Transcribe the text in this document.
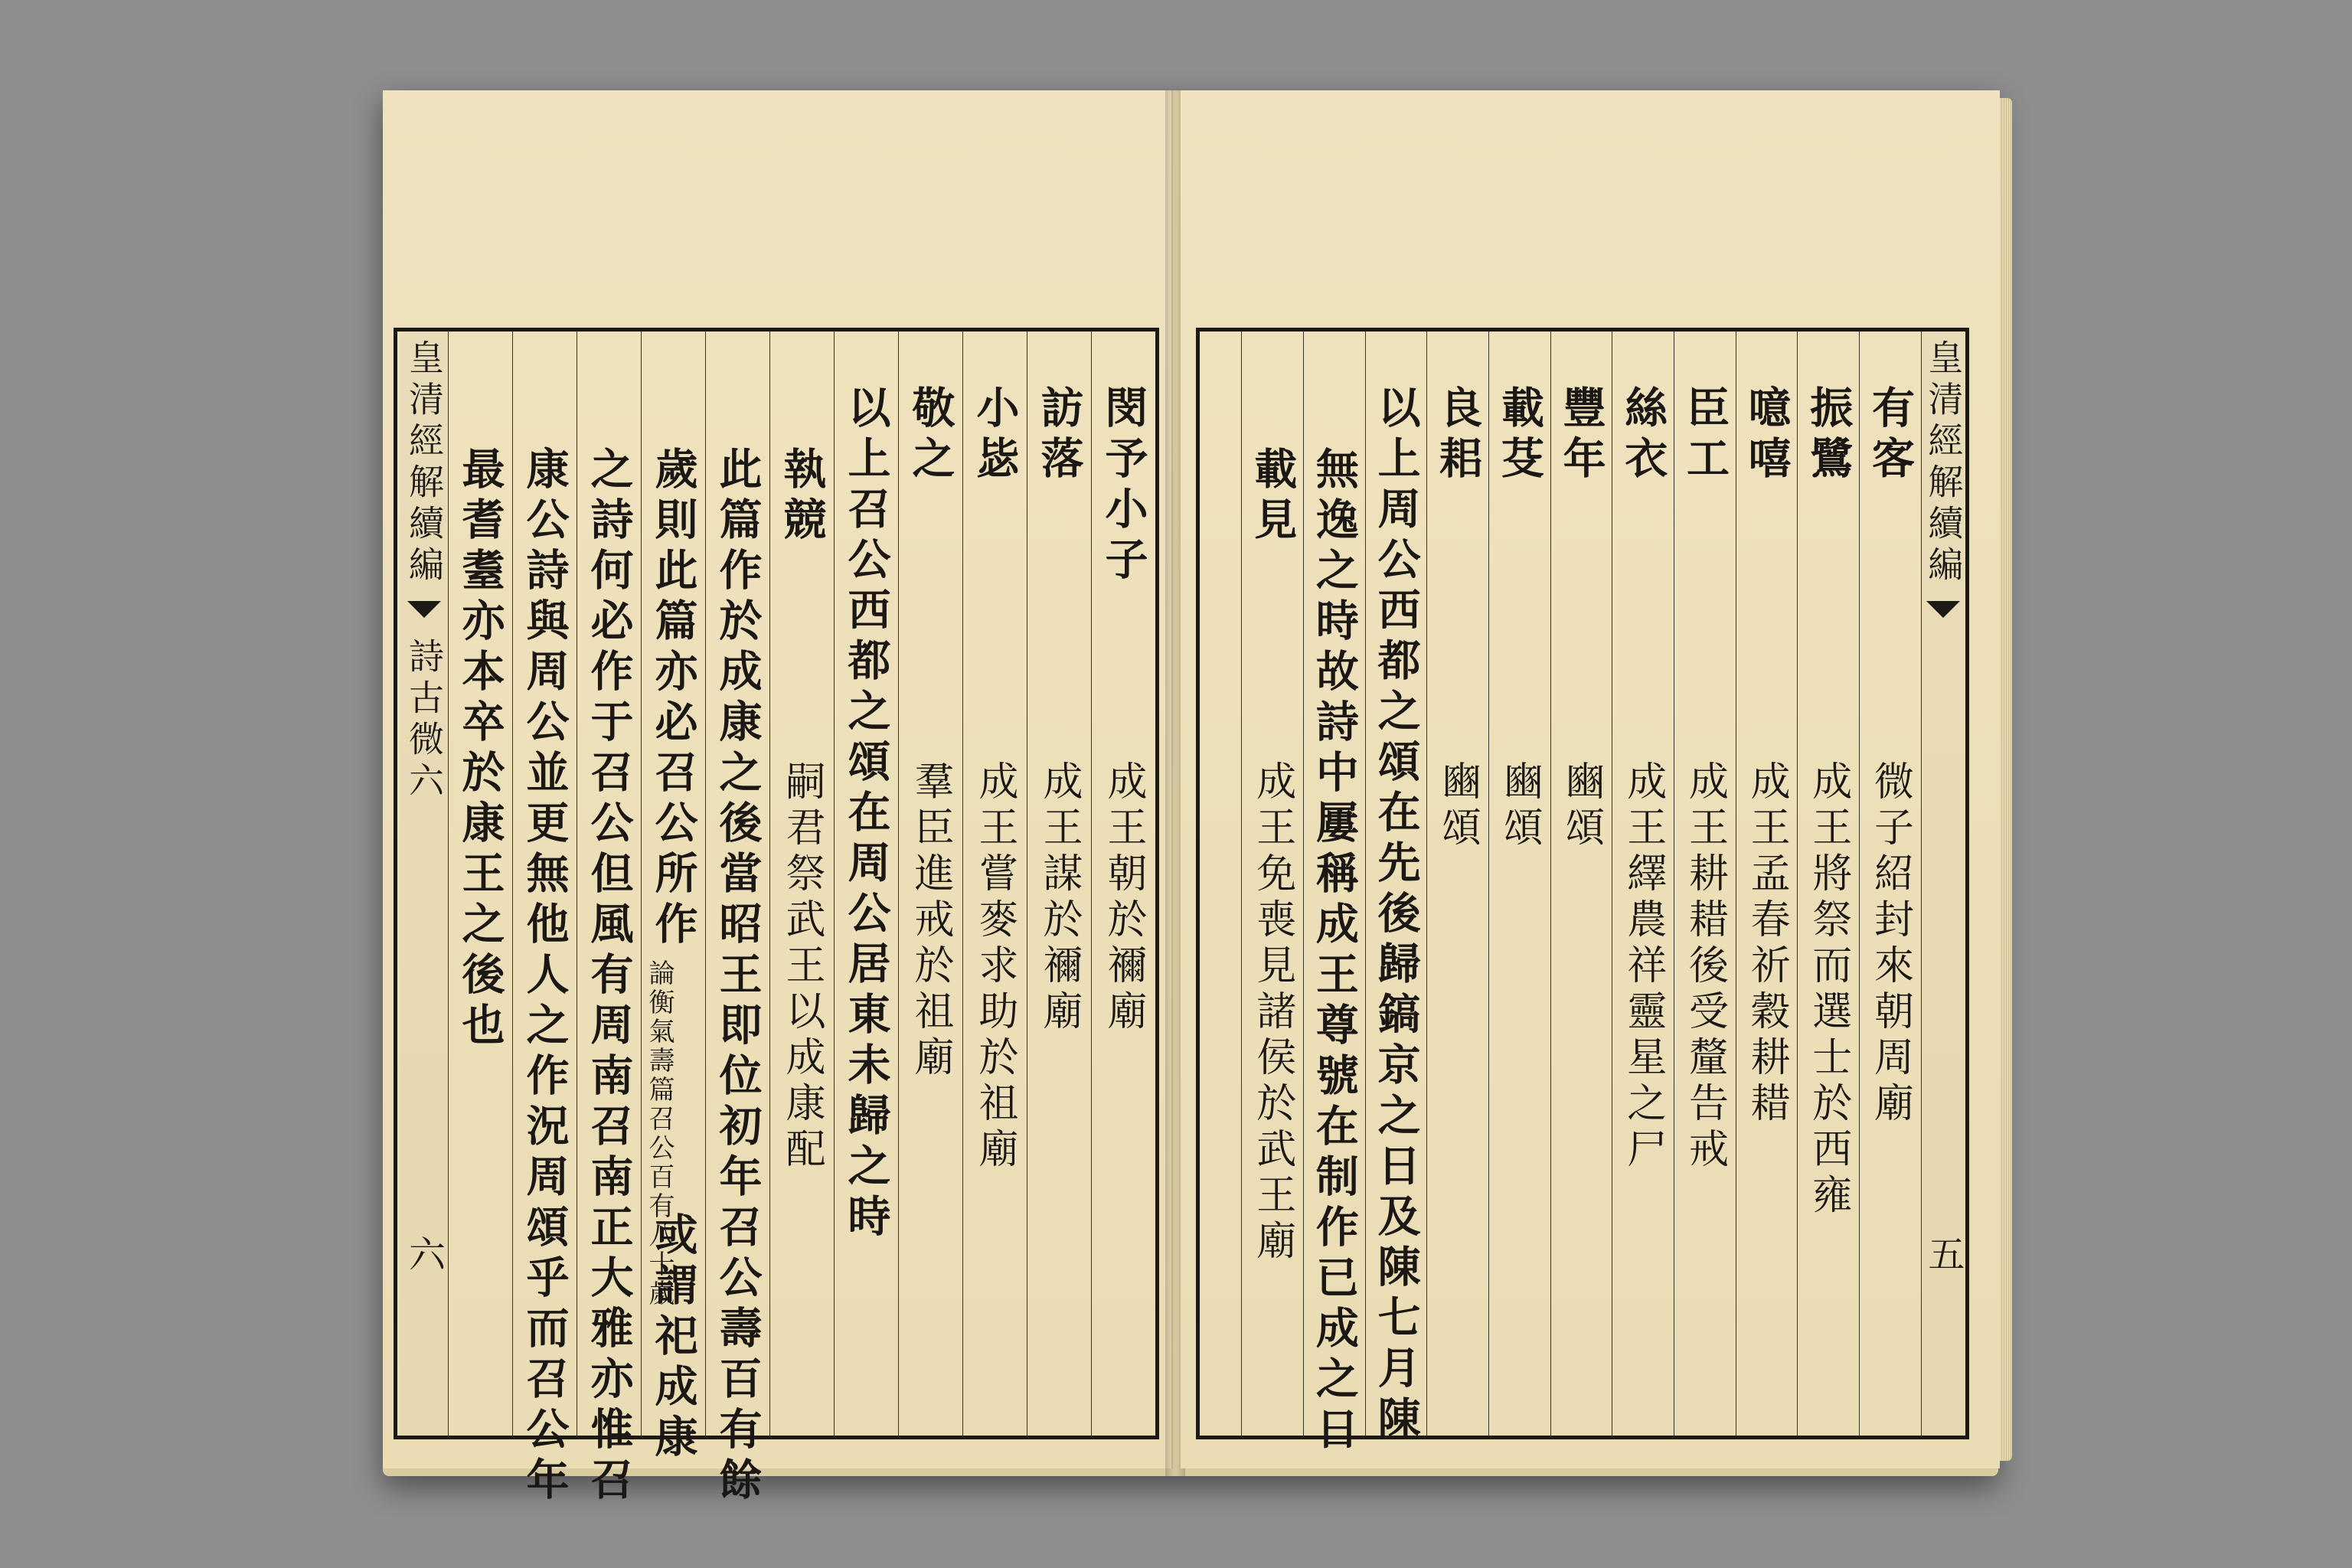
閔予小子
成王朝於禰廟
訪落
成王謀於禰廟
小毖
成王嘗麥求助於祖廟
敬之
羣臣進戒於祖廟
以上召公西都之頌在周公居東未歸之時
執競
嗣君祭武王以成康配
此篇作於成康之後當昭王即位初年召公壽百有餘
歲則此篇亦必召公所作
論衡氣壽篇召公百有八十歲
或謂祀成康
之詩何必作于召公但風有周南召南正大雅亦惟召
康公詩與周公並更無他人之作況周頌乎而召公年
最耆耋亦本卒於康王之後也
皇清經解續編
詩古微六
六
皇清經解續編
五
有客
微子紹封來朝周廟
振鷺
成王將祭而選士於西雍
噫嘻
成王孟春祈穀耕耤
臣工
成王耕耤後受釐告戒
絲衣
成王繹農祥靈星之尸
豐年
豳頌
載芟
豳頌
良耜
豳頌
以上周公西都之頌在先後歸鎬京之日及陳七月陳
無逸之時故詩中屢稱成王尊號在制作已成之日
載見
成王免喪見諸侯於武王廟
